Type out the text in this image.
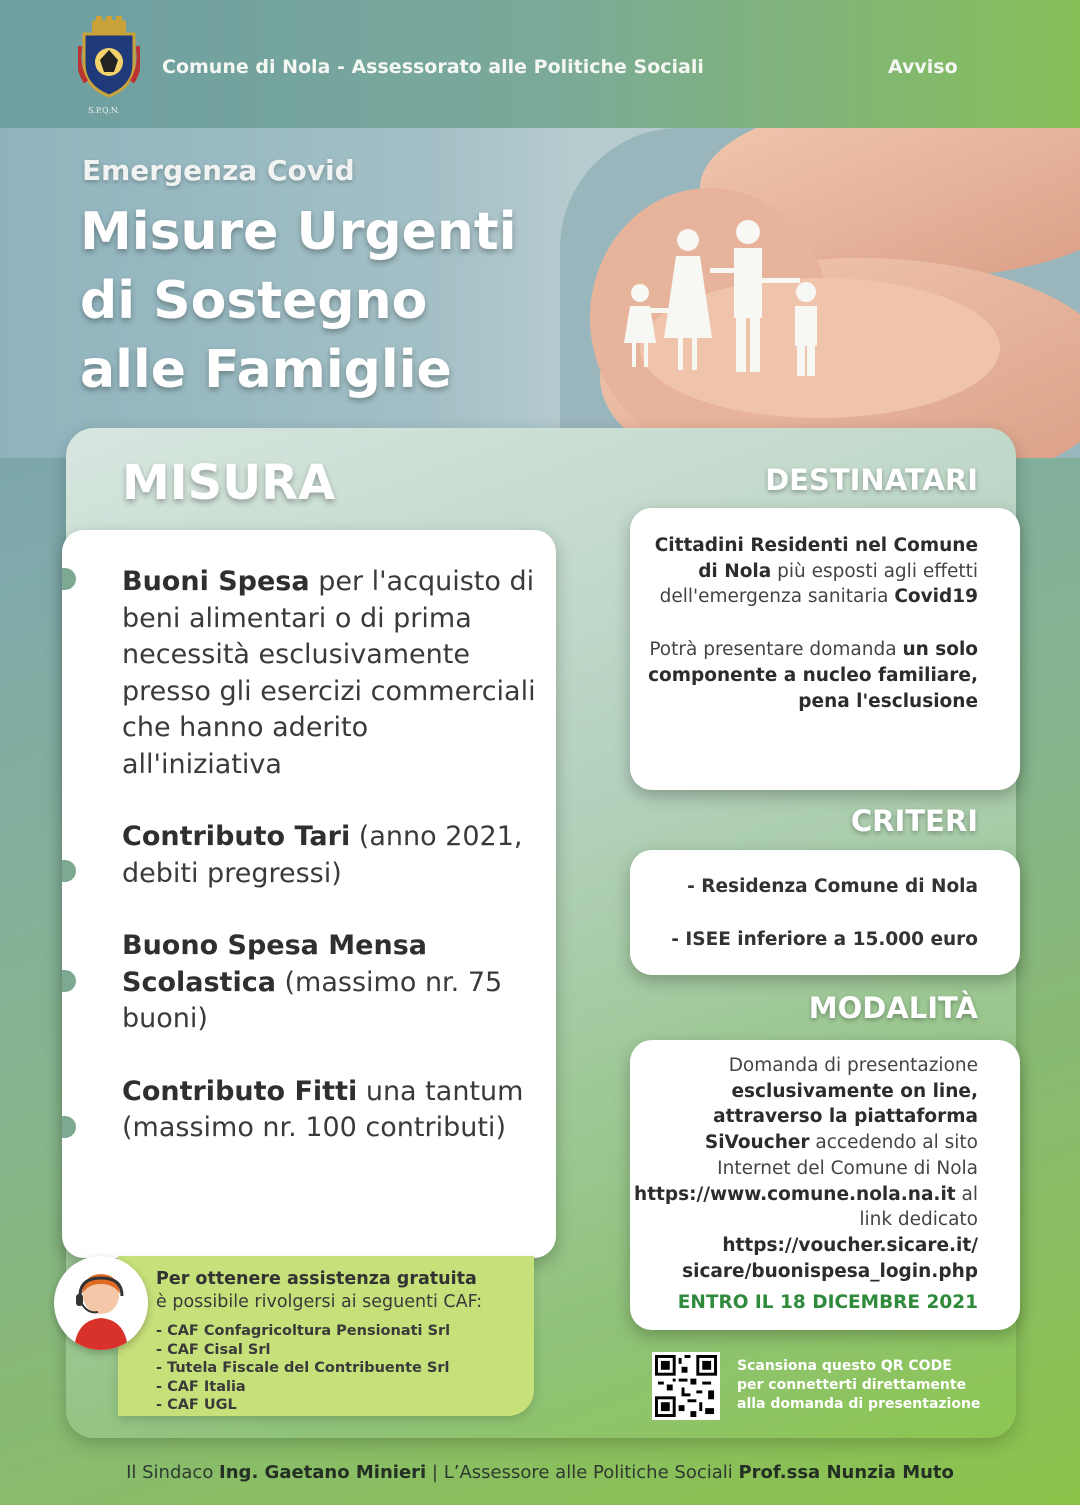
S.P.Q.N.
Comune di Nola - Assessorato alle Politiche Sociali	Avviso
Emergenza Covid
Misure Urgenti
di Sostegno
alle Famiglie
MISURA
Buoni Spesa per l'acquisto di beni alimentari o di prima necessità esclusivamente presso gli esercizi commerciali che hanno aderito all'iniziativa
Contributo Tari (anno 2021, debiti pregressi)
Buono Spesa Mensa Scolastica (massimo nr. 75 buoni)
Contributo Fitti una tantum (massimo nr. 100 contributi)
DESTINATARI

Cittadini Residenti nel Comune di Nola più esposti agli effetti dell'emergenza sanitaria Covid19

Potrà presentare domanda un solo componente a nucleo familiare, pena l'esclusione

CRITERI

- Residenza Comune di Nola

- ISEE inferiore a 15.000 euro

MODALITÀ

Domanda di presentazione esclusivamente on line, attraverso la piattaforma SiVoucher accedendo al sito Internet del Comune di Nola https://www.comune.nola.na.it al link dedicato https://voucher.sicare.it/ sicare/buonispesa_login.php

ENTRO IL 18 DICEMBRE 2021

Per ottenere assistenza gratuita
è possibile rivolgersi ai seguenti CAF:
- CAF Confagricoltura Pensionati Srl
- CAF Cisal Srl
- Tutela Fiscale del Contribuente Srl
- CAF Italia
- CAF UGL
Scansiona questo QR CODE
per connetterti direttamente
alla domanda di presentazione
Il Sindaco Ing. Gaetano Minieri | L’Assessore alle Politiche Sociali Prof.ssa Nunzia Muto
